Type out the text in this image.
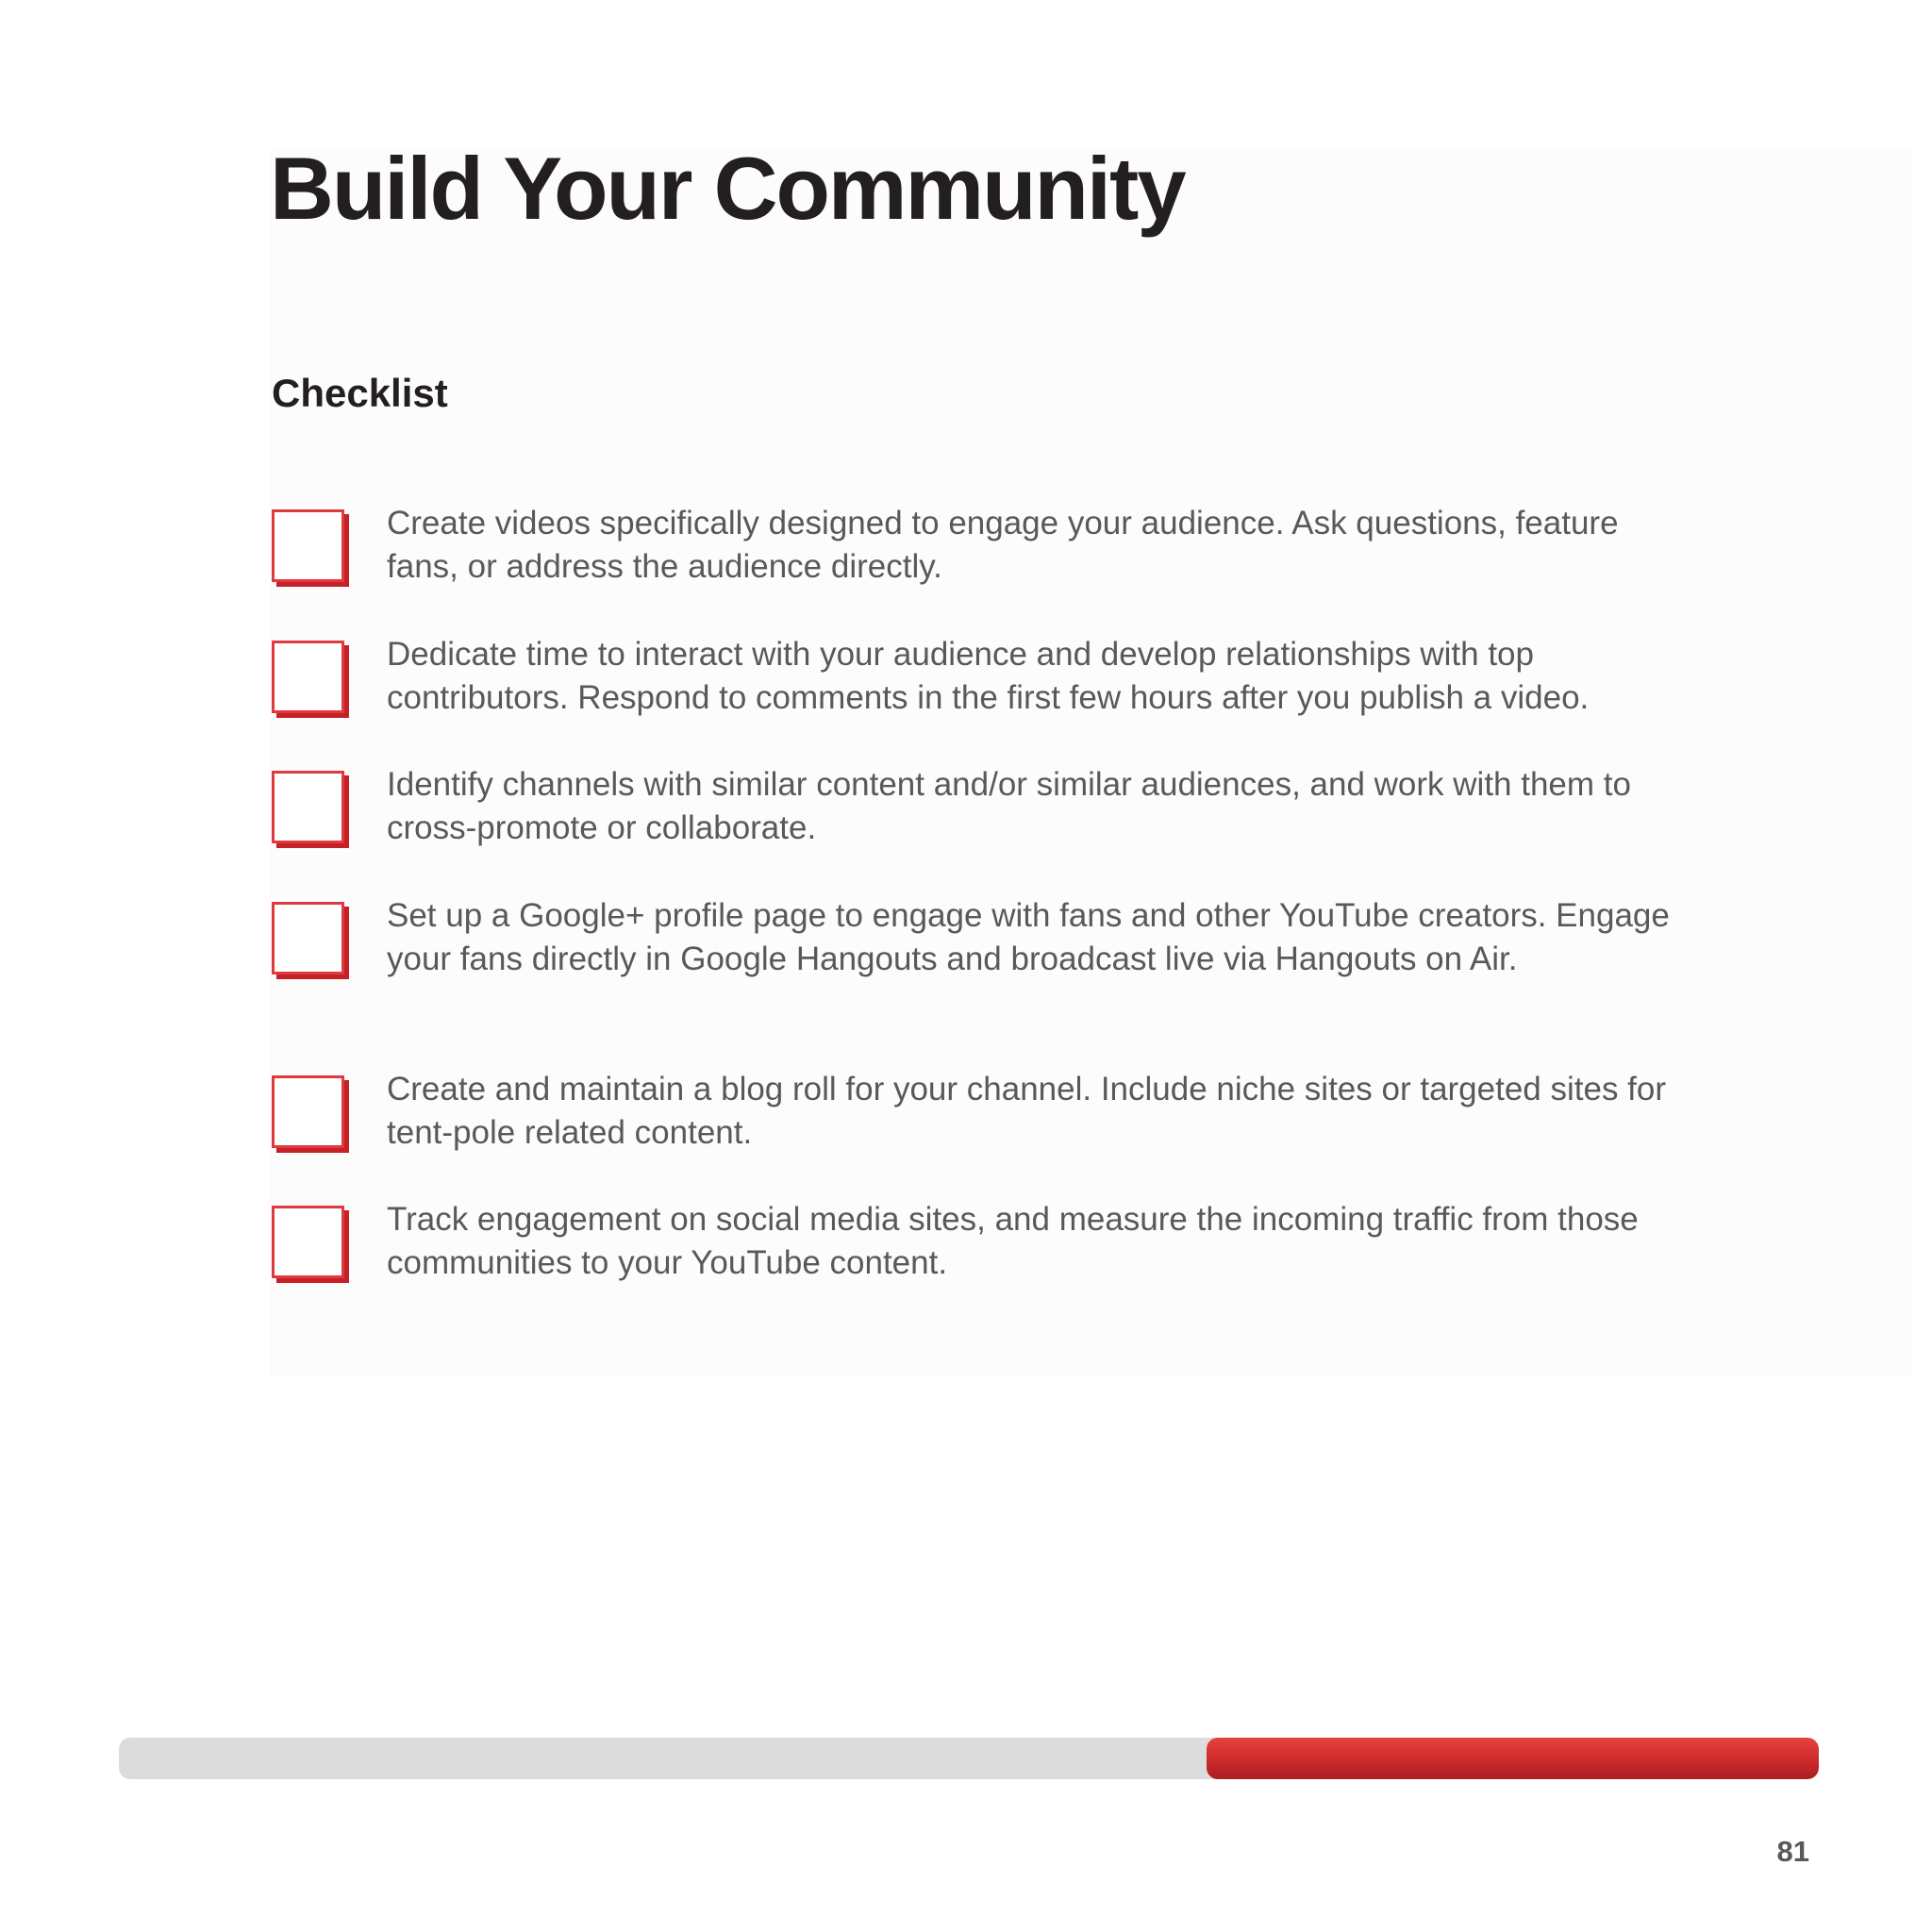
Build Your Community
Checklist

Create videos specifically designed to engage your audience. Ask questions, feature fans, or address the audience directly.

Dedicate time to interact with your audience and develop relationships with top contributors. Respond to comments in the first few hours after you publish a video.

Identify channels with similar content and/or similar audiences, and work with them to cross-promote or collaborate.

Set up a Google+ profile page to engage with fans and other YouTube creators. Engage your fans directly in Google Hangouts and broadcast live via Hangouts on Air.

Create and maintain a blog roll for your channel. Include niche sites or targeted sites for tent-pole related content.

Track engagement on social media sites, and measure the incoming traffic from those communities to your YouTube content.

81
